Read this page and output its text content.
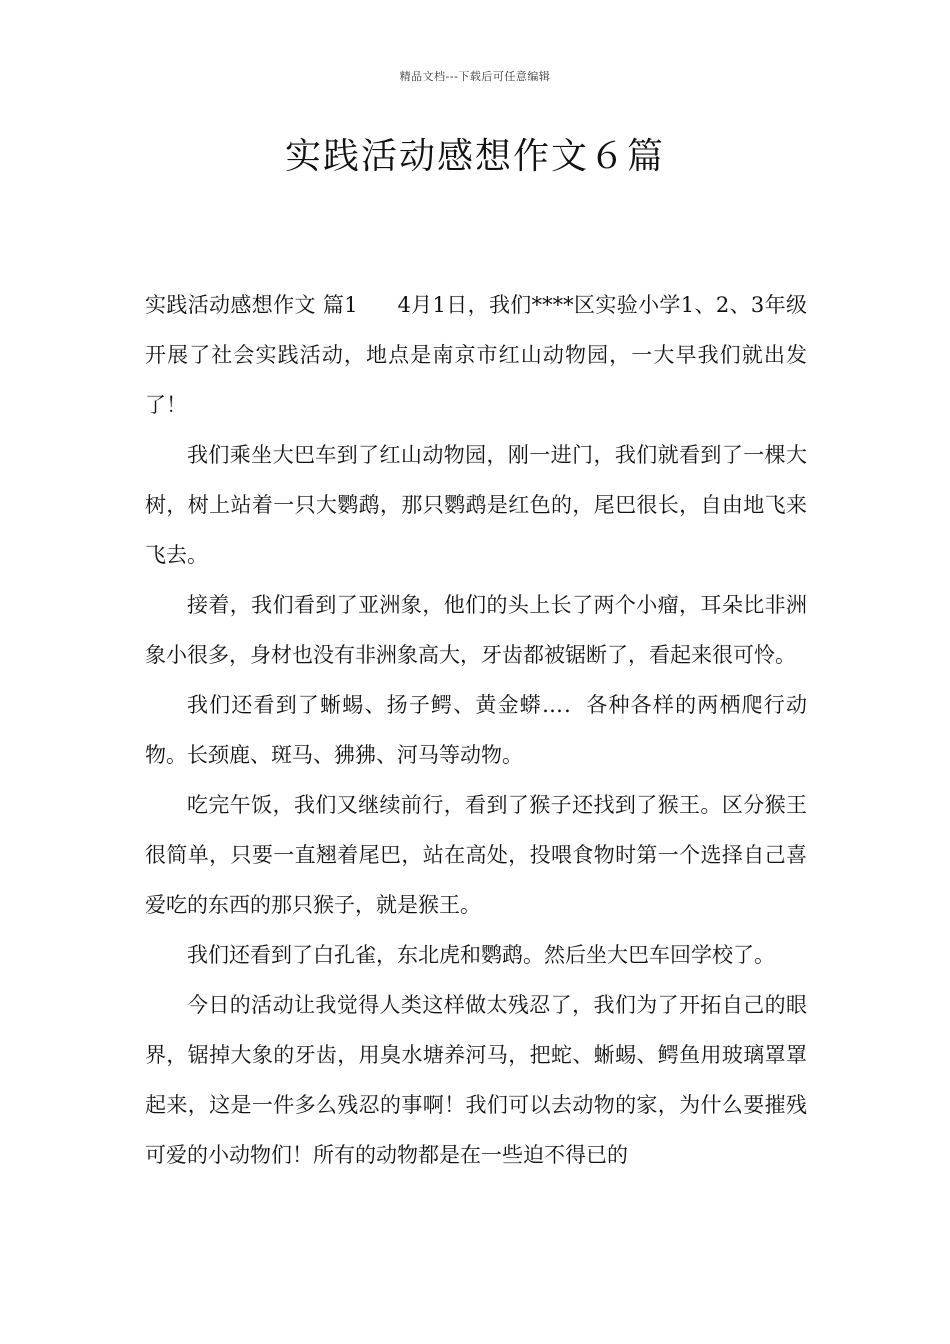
精品文档---下载后可任意编辑
实践活动感想作文６篇

实践活动感想作文 篇1 4月1日，我们****区实验小学1、2、3年级开展了社会实践活动，地点是南京市红山动物园，一大早我们就出发了！

我们乘坐大巴车到了红山动物园，刚一进门，我们就看到了一棵大树，树上站着一只大鹦鹉，那只鹦鹉是红色的，尾巴很长，自由地飞来飞去。

接着，我们看到了亚洲象，他们的头上长了两个小瘤，耳朵比非洲象小很多，身材也没有非洲象高大，牙齿都被锯断了，看起来很可怜。

我们还看到了蜥蜴、扬子鳄、黄金蟒…．各种各样的两栖爬行动物。长颈鹿、斑马、狒狒、河马等动物。

吃完午饭，我们又继续前行，看到了猴子还找到了猴王。区分猴王很简单，只要一直翘着尾巴，站在高处，投喂食物时第一个选择自己喜爱吃的东西的那只猴子，就是猴王。

我们还看到了白孔雀，东北虎和鹦鹉。然后坐大巴车回学校了。

今日的活动让我觉得人类这样做太残忍了，我们为了开拓自己的眼界，锯掉大象的牙齿，用臭水塘养河马，把蛇、蜥蜴、鳄鱼用玻璃罩罩起来，这是一件多么残忍的事啊！我们可以去动物的家，为什么要摧残可爱的小动物们！所有的动物都是在一些迫不得已的
